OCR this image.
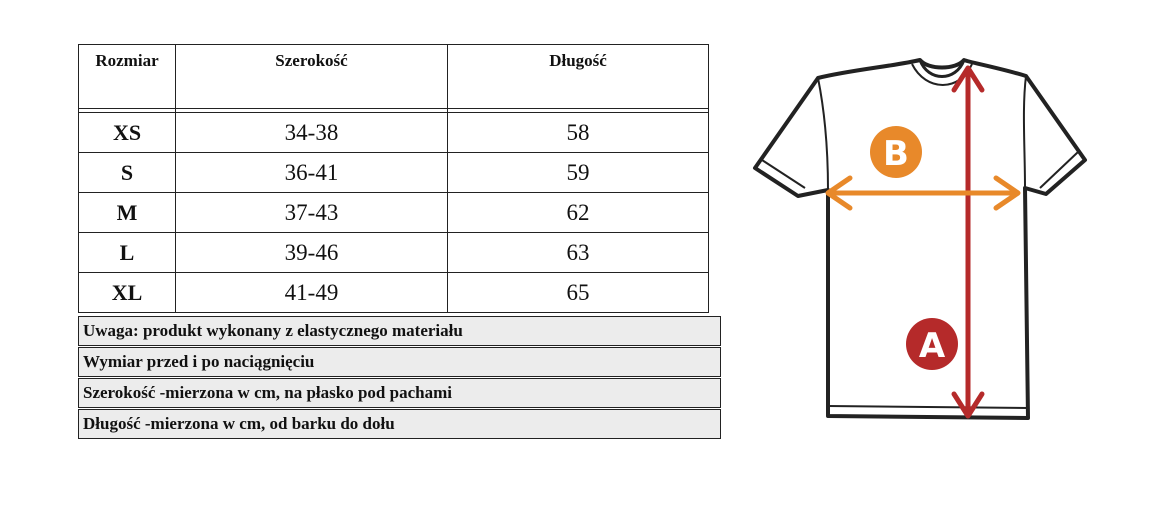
Rozmiar	Szerokość	Długość

XS	34-38	58
S	36-41	59
M	37-43	62
L	39-46	63
XL	41-49	65
Uwaga: produkt wykonany z elastycznego materiału
Wymiar przed i po naciągnięciu
Szerokość -mierzona w cm, na płasko pod pachami
Długość -mierzona w cm, od barku do dołu
B
A
